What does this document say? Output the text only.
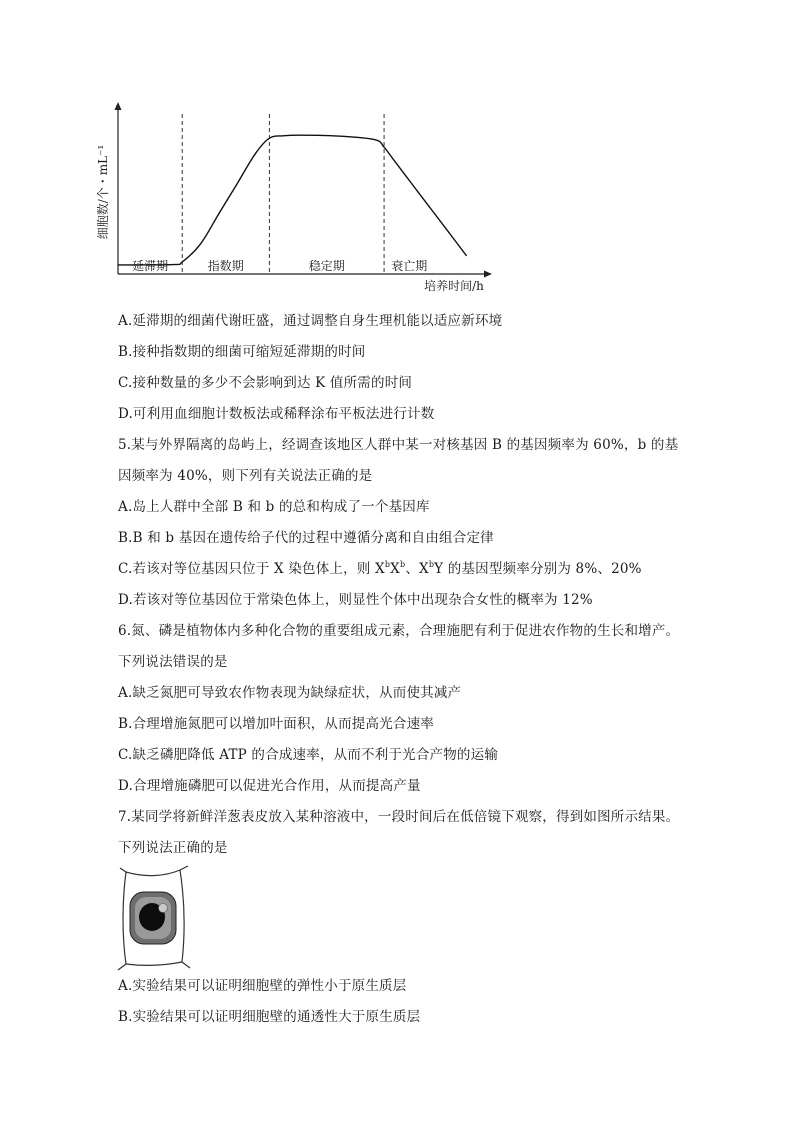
细胞数/个・mL⁻¹
培养时间/h
延滞期	指数期	稳定期	衰亡期
A.延滞期的细菌代谢旺盛，通过调整自身生理机能以适应新环境
B.接种指数期的细菌可缩短延滞期的时间
C.接种数量的多少不会影响到达 K 值所需的时间
D.可利用血细胞计数板法或稀释涂布平板法进行计数
5.某与外界隔离的岛屿上，经调查该地区人群中某一对核基因 B 的基因频率为 60%，b 的基
因频率为 40%，则下列有关说法正确的是
A.岛上人群中全部 B 和 b 的总和构成了一个基因库
B.B 和 b 基因在遗传给子代的过程中遵循分离和自由组合定律
C.若该对等位基因只位于 X 染色体上，则 $X^bX^b$、$X^bY$ 的基因型频率分别为 8%、20%
D.若该对等位基因位于常染色体上，则显性个体中出现杂合女性的概率为 12%
6.氮、磷是植物体内多种化合物的重要组成元素，合理施肥有利于促进农作物的生长和增产。
下列说法错误的是
A.缺乏氮肥可导致农作物表现为缺绿症状，从而使其减产
B.合理增施氮肥可以增加叶面积，从而提高光合速率
C.缺乏磷肥降低 ATP 的合成速率，从而不利于光合产物的运输
D.合理增施磷肥可以促进光合作用，从而提高产量
7.某同学将新鲜洋葱表皮放入某种溶液中，一段时间后在低倍镜下观察，得到如图所示结果。
下列说法正确的是
A.实验结果可以证明细胞壁的弹性小于原生质层
B.实验结果可以证明细胞壁的通透性大于原生质层
